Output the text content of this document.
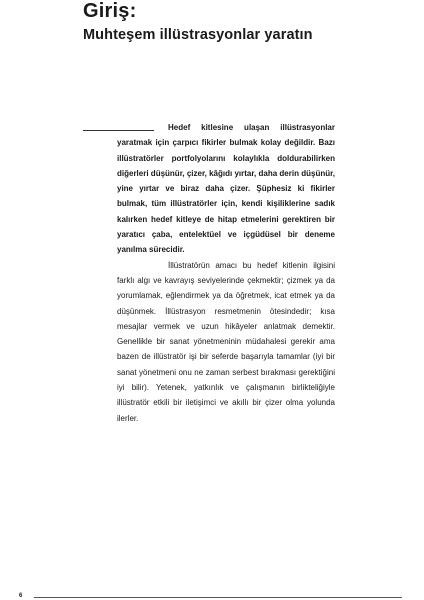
Giriş:
Muhteşem illüstrasyonlar yaratın

Hedef kitlesine ulaşan illüstrasyonlar yaratmak için çarpıcı fikirler bulmak kolay değildir. Bazı illüstratörler portfolyolarını kolaylıkla doldurabilirken diğerleri düşünür, çizer, kâğıdı yırtar, daha derin düşünür, yine yırtar ve biraz daha çizer. Şüphesiz ki fikirler bulmak, tüm illüstratörler için, kendi kişiliklerine sadık kalırken hedef kitleye de hitap etmelerini gerektiren bir yaratıcı çaba, entelektüel ve içgüdüsel bir deneme yanılma sürecidir.

İllüstratörün amacı bu hedef kitlenin ilgisini farklı algı ve kavrayış seviyelerinde çekmektir; çizmek ya da yorumlamak, eğlendirmek ya da öğretmek, icat etmek ya da düşünmek. İllüstrasyon resmetmenin ötesindedir; kısa mesajlar vermek ve uzun hikâyeler anlatmak demektir. Genellikle bir sanat yönetmeninin müdahalesi gerekir ama bazen de illüstratör işi bir seferde başarıyla tamamlar (iyi bir sanat yönetmeni onu ne zaman serbest bırakması gerektiğini iyi bilir). Yetenek, yatkınlık ve çalışmanın birlikteliğiyle illüstratör etkili bir iletişimci ve akıllı bir çizer olma yolunda ilerler.

6
